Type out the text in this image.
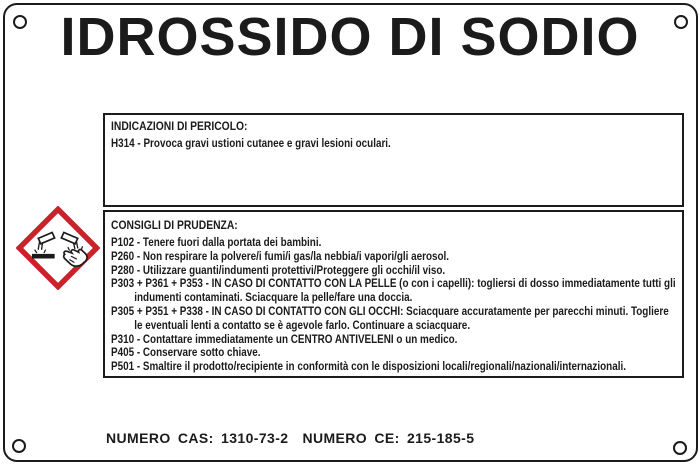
IDROSSIDO DI SODIO

INDICAZIONI DI PERICOLO:

H314 - Provoca gravi ustioni cutanee e gravi lesioni oculari.

CONSIGLI DI PRUDENZA:

P102 - Tenere fuori dalla portata dei bambini.

P260 - Non respirare la polvere/i fumi/i gas/la nebbia/i vapori/gli aerosol.

P280 - Utilizzare guanti/indumenti protettivi/Proteggere gli occhi/il viso.

P303 + P361 + P353 - IN CASO DI CONTATTO CON LA PELLE (o con i capelli): togliersi di dosso immediatamente tutti gli indumenti contaminati. Sciacquare la pelle/fare una doccia.

P305 + P351 + P338 - IN CASO DI CONTATTO CON GLI OCCHI: Sciacquare accuratamente per parecchi minuti. Togliere le eventuali lenti a contatto se è agevole farlo. Continuare a sciacquare.

P310 - Contattare immediatamente un CENTRO ANTIVELENI o un medico.

P405 - Conservare sotto chiave.

P501 - Smaltire il prodotto/recipiente in conformità con le disposizioni locali/regionali/nazionali/internazionali.

NUMERO CAS: 1310-73-2 NUMERO CE: 215-185-5
